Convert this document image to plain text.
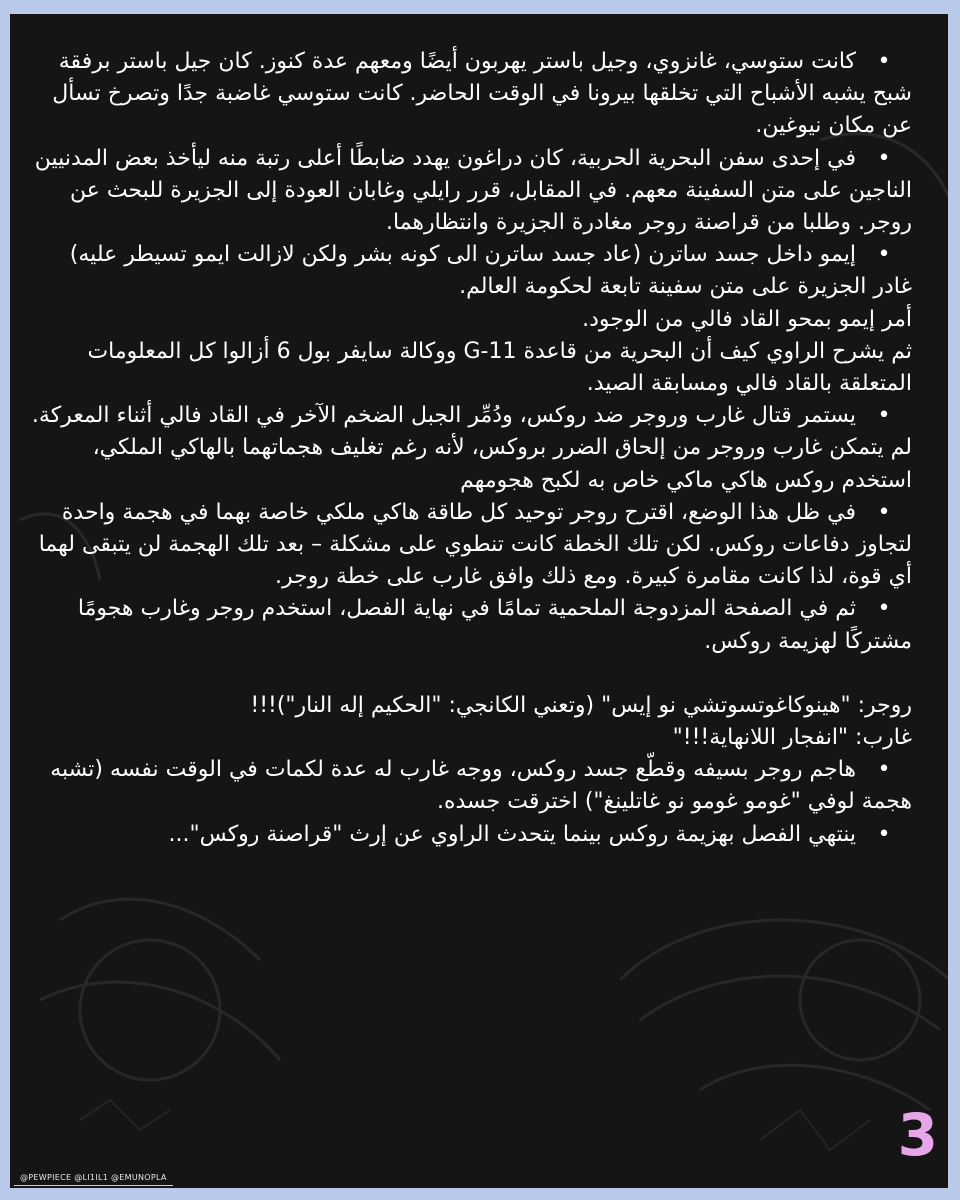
• كانت ستوسي، غانزوي، وجيل باستر يهربون أيضًا ومعهم عدة كنوز. كان جيل باستر برفقة شبح يشبه الأشباح التي تخلقها بيرونا في الوقت الحاضر. كانت ستوسي غاضبة جدًا وتصرخ تسأل عن مكان نيوغين.

• في إحدى سفن البحرية الحربية، كان دراغون يهدد ضابطًا أعلى رتبة منه ليأخذ بعض المدنيين الناجين على متن السفينة معهم. في المقابل، قرر رايلي وغابان العودة إلى الجزيرة للبحث عن روجر. وطلبا من قراصنة روجر مغادرة الجزيرة وانتظارهما.

• إيمو داخل جسد ساترن (عاد جسد ساترن الى كونه بشر ولكن لازالت ايمو تسيطر عليه) غادر الجزيرة على متن سفينة تابعة لحكومة العالم.

أمر إيمو بمحو القاد فالي من الوجود.

ثم يشرح الراوي كيف أن البحرية من قاعدة G-11 ووكالة سايفر بول 6 أزالوا كل المعلومات المتعلقة بالقاد فالي ومسابقة الصيد.

• يستمر قتال غارب وروجر ضد روكس، ودُمِّر الجبل الضخم الآخر في القاد فالي أثناء المعركة. لم يتمكن غارب وروجر من إلحاق الضرر بروكس، لأنه رغم تغليف هجماتهما بالهاكي الملكي، استخدم روكس هاكي ماكي خاص به لكبح هجومهم

• في ظل هذا الوضع، اقترح روجر توحيد كل طاقة هاكي ملكي خاصة بهما في هجمة واحدة لتجاوز دفاعات روكس. لكن تلك الخطة كانت تنطوي على مشكلة – بعد تلك الهجمة لن يتبقى لهما أي قوة، لذا كانت مقامرة كبيرة. ومع ذلك وافق غارب على خطة روجر.

• ثم في الصفحة المزدوجة الملحمية تمامًا في نهاية الفصل، استخدم روجر وغارب هجومًا مشتركًا لهزيمة روكس.

روجر: "هينوكاغوتسوتشي نو إيس" (وتعني الكانجي: "الحكيم إله النار")!!!

غارب: "انفجار اللانهاية!!!"

• هاجم روجر بسيفه وقطّع جسد روكس، ووجه غارب له عدة لكمات في الوقت نفسه (تشبه هجمة لوفي "غومو غومو نو غاتلينغ") اخترقت جسده.

• ينتهي الفصل بهزيمة روكس بينما يتحدث الراوي عن إرث "قراصنة روكس"...

@PEWPIECE @LI1IL1 @EMUNOPLA
3
